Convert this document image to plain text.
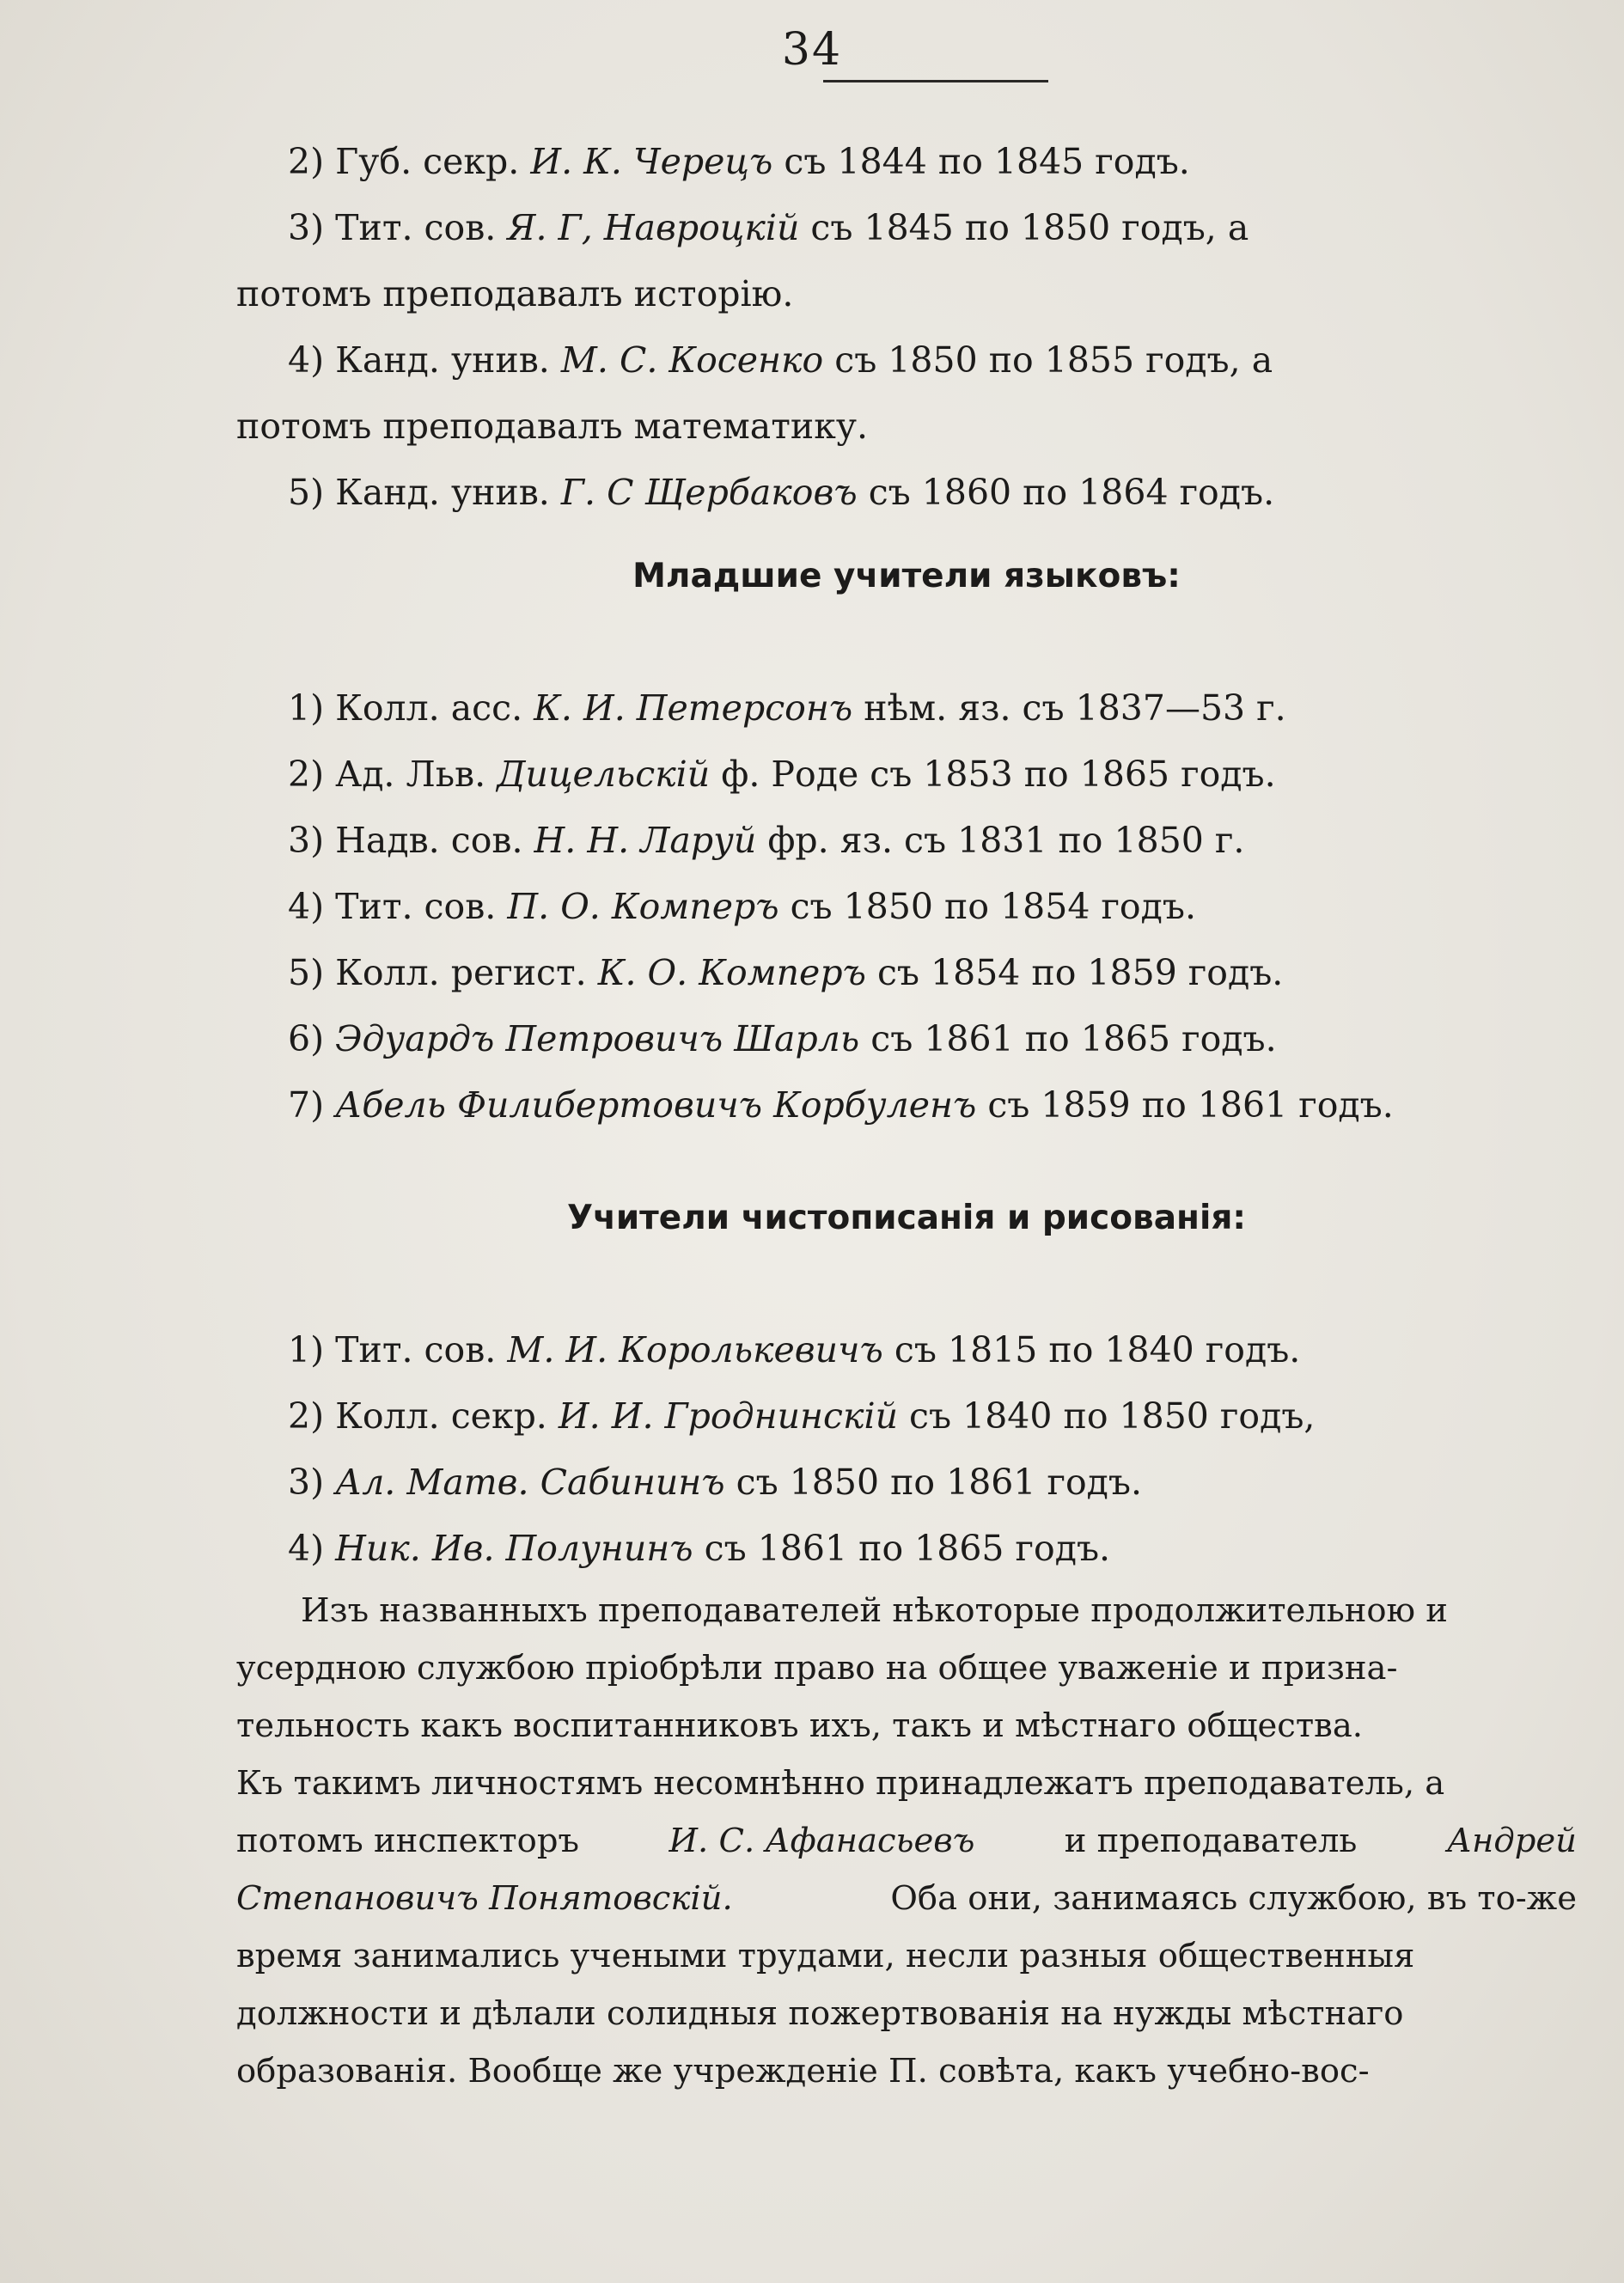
34
2) Губ. секр. И. К. Черецъ съ 1844 по 1845 годъ.
3) Тит. сов. Я. Г, Навроцкій съ 1845 по 1850 годъ, а
потомъ преподавалъ исторію.
4) Канд. унив. М. С. Косенко съ 1850 по 1855 годъ, а
потомъ преподавалъ математику.
5) Канд. унив. Г. С Щербаковъ съ 1860 по 1864 годъ.
Младшие учители языковъ:
1) Колл. асс. К. И. Петерсонъ нѣм. яз. съ 1837—53 г.
2) Ад. Льв. Дицельскій ф. Роде съ 1853 по 1865 годъ.
3) Надв. сов. Н. Н. Ларуй фр. яз. съ 1831 по 1850 г.
4) Тит. сов. П. О. Комперъ съ 1850 по 1854 годъ.
5) Колл. регист. К. О. Комперъ съ 1854 по 1859 годъ.
6) Эдуардъ Петровичъ Шарль съ 1861 по 1865 годъ.
7) Абель Филибертовичъ Корбуленъ съ 1859 по 1861 годъ.
Учители чистописанія и рисованія:
1) Тит. сов. М. И. Королькевичъ съ 1815 по 1840 годъ.
2) Колл. секр. И. И. Гроднинскій съ 1840 по 1850 годъ,
3) Ал. Матв. Сабининъ съ 1850 по 1861 годъ.
4) Ник. Ив. Полунинъ съ 1861 по 1865 годъ.
Изъ названныхъ преподавателей нѣкоторые продолжительною и
усердною службою пріобрѣли право на общее уваженіе и призна-
тельность какъ воспитанниковъ ихъ, такъ и мѣстнаго общества.
Къ такимъ личностямъ несомнѣнно принадлежатъ преподаватель, а
потомъ инспекторъ	И. С. Афанасьевъ	и преподаватель	Андрей
Степановичъ Понятовскій.	Оба они, занимаясь службою, въ то-же
время занимались учеными трудами, несли разныя общественныя
должности и дѣлали солидныя пожертвованія на нужды мѣстнаго
образованія. Вообще же учрежденіе П. совѣта, какъ учебно-вос-
